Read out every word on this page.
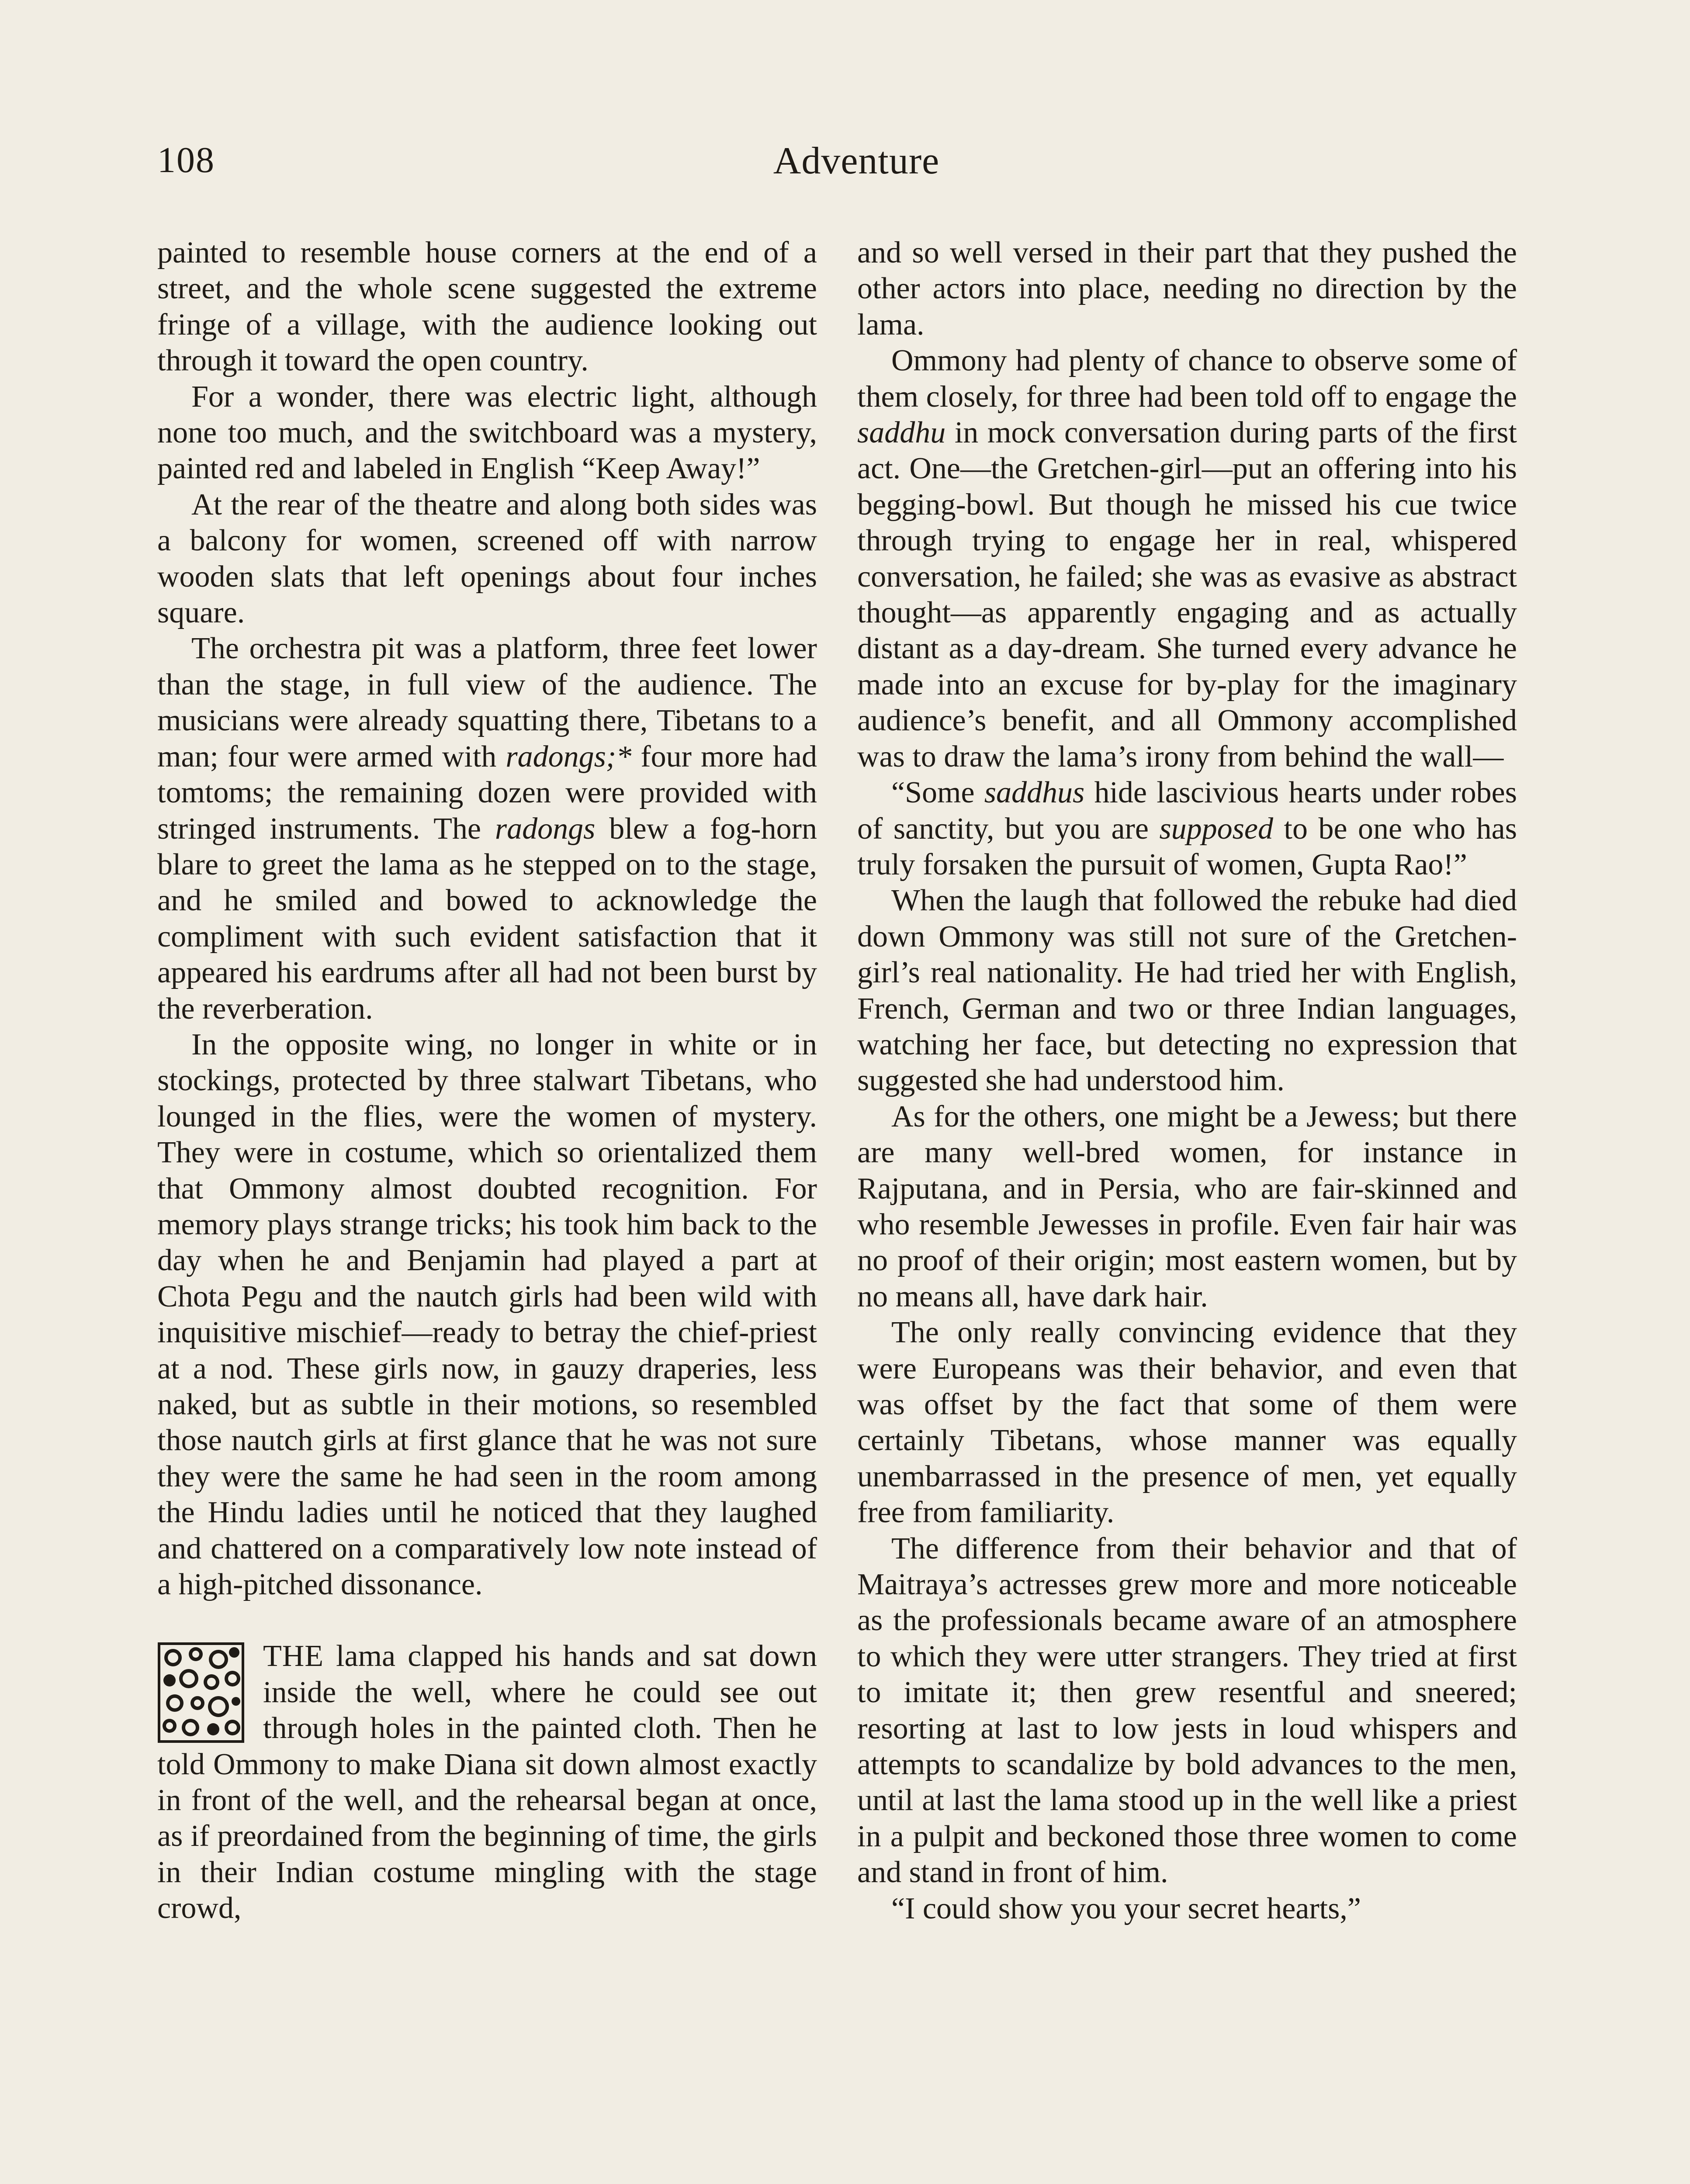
108	Adventure

painted to resemble house corners at the end of a street, and the whole scene suggested the extreme fringe of a village, with the audience looking out through it toward the open country.

For a wonder, there was electric light, although none too much, and the switchboard was a mystery, painted red and labeled in English “Keep Away!”

At the rear of the theatre and along both sides was a balcony for women, screened off with narrow wooden slats that left openings about four inches square.

The orchestra pit was a platform, three feet lower than the stage, in full view of the audience. The musicians were already squatting there, Tibetans to a man; four were armed with radongs;* four more had tomtoms; the remaining dozen were provided with stringed instruments. The radongs blew a fog-horn blare to greet the lama as he stepped on to the stage, and he smiled and bowed to acknowledge the compliment with such evident satisfaction that it appeared his eardrums after all had not been burst by the reverberation.

In the opposite wing, no longer in white or in stockings, protected by three stalwart Tibetans, who lounged in the flies, were the women of mystery. They were in costume, which so orientalized them that Ommony almost doubted recognition. For memory plays strange tricks; his took him back to the day when he and Benjamin had played a part at Chota Pegu and the nautch girls had been wild with inquisitive mischief—ready to betray the chief-priest at a nod. These girls now, in gauzy draperies, less naked, but as subtle in their motions, so resembled those nautch girls at first glance that he was not sure they were the same he had seen in the room among the Hindu ladies until he noticed that they laughed and chattered on a comparatively low note instead of a high-pitched dissonance.

THE lama clapped his hands and sat down inside the well, where he could see out through holes in the painted cloth. Then he told Ommony to make Diana sit down almost exactly in front of the well, and the rehearsal began at once, as if preordained from the beginning of time, the girls in their Indian costume mingling with the stage crowd,

and so well versed in their part that they pushed the other actors into place, needing no direction by the lama.

Ommony had plenty of chance to observe some of them closely, for three had been told off to engage the saddhu in mock conversation during parts of the first act. One—the Gretchen-girl—put an offering into his begging-bowl. But though he missed his cue twice through trying to engage her in real, whispered conversation, he failed; she was as evasive as abstract thought—as apparently engaging and as actually distant as a day-dream. She turned every advance he made into an excuse for by-play for the imaginary audience’s benefit, and all Ommony accomplished was to draw the lama’s irony from behind the wall—

“Some saddhus hide lascivious hearts under robes of sanctity, but you are supposed to be one who has truly forsaken the pursuit of women, Gupta Rao!”

When the laugh that followed the rebuke had died down Ommony was still not sure of the Gretchen-girl’s real nationality. He had tried her with English, French, German and two or three Indian languages, watching her face, but detecting no expression that suggested she had understood him.

As for the others, one might be a Jewess; but there are many well-bred women, for instance in Rajputana, and in Persia, who are fair-skinned and who resemble Jewesses in profile. Even fair hair was no proof of their origin; most eastern women, but by no means all, have dark hair.

The only really convincing evidence that they were Europeans was their behavior, and even that was offset by the fact that some of them were certainly Tibetans, whose manner was equally unembarrassed in the presence of men, yet equally free from familiarity.

The difference from their behavior and that of Maitraya’s actresses grew more and more noticeable as the professionals became aware of an atmosphere to which they were utter strangers. They tried at first to imitate it; then grew resentful and sneered; resorting at last to low jests in loud whispers and attempts to scandalize by bold advances to the men, until at last the lama stood up in the well like a priest in a pulpit and beckoned those three women to come and stand in front of him.

“I could show you your secret hearts,”
